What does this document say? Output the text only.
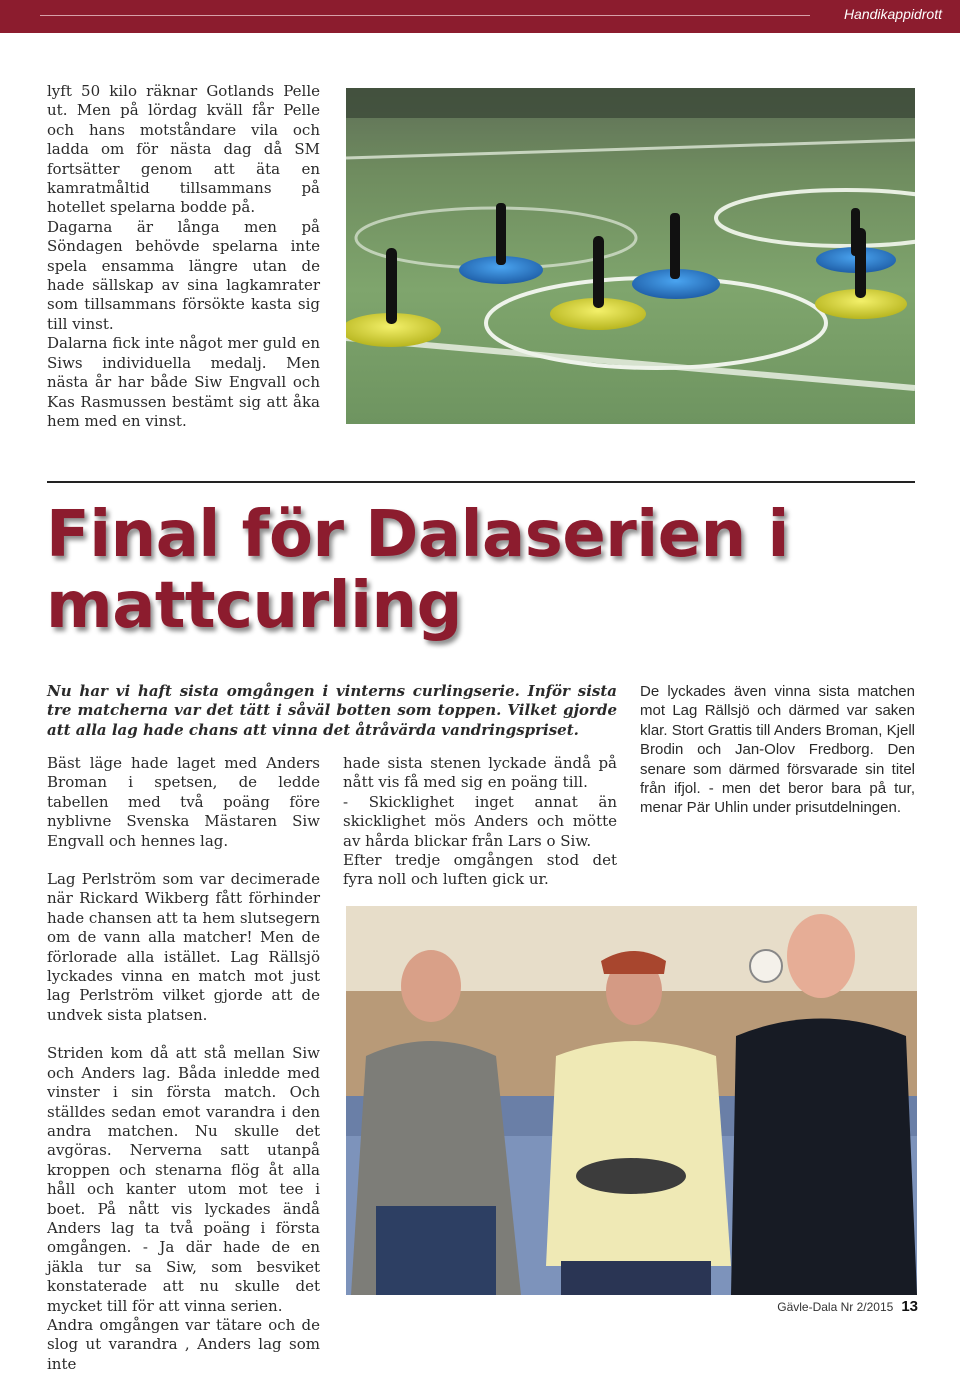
Handikappidrott

lyft 50 kilo räknar Gotlands Pelle ut. Men på lördag kväll får Pelle och hans motståndare vila och ladda om för nästa dag då SM fortsätter genom att äta en kamratmåltid tillsammans på hotellet spelarna bodde på.

Dagarna är långa men på Söndagen behövde spelarna inte spela ensamma längre utan de hade sällskap av sina lagkamrater som tillsammans försökte kasta sig till vinst.

Dalarna fick inte något mer guld en Siws individuella medalj. Men nästa år har både Siw Engvall och Kas Rasmussen bestämt sig att åka hem med en vinst.

Final för Dalaserien i mattcurling
Nu har vi haft sista omgången i vinterns curlingserie. Inför sista tre matcherna var det tätt i såväl botten som toppen. Vilket gjorde att alla lag hade chans att vinna det åtråvärda vandringspriset.

Bäst läge hade laget med Anders Broman i spetsen, de ledde tabellen med två poäng före nyblivne Svenska Mästaren Siw Engvall och hennes lag.

Lag Perlström som var decimerade när Rickard Wikberg fått förhinder hade chansen att ta hem slutsegern om de vann alla matcher! Men de förlorade alla istället. Lag Rällsjö lyckades vinna en match mot just lag Perlström vilket gjorde att de undvek sista platsen.

Striden kom då att stå mellan Siw och Anders lag. Båda inledde med vinster i sin första match. Och ställdes sedan emot varandra i den andra matchen. Nu skulle det avgöras. Nerverna satt utanpå kroppen och stenarna flög åt alla håll och kanter utom mot tee i boet. På nått vis lyckades ändå Anders lag ta två poäng i första omgången. - Ja där hade de en jäkla tur sa Siw, som besviket konstaterade att nu skulle det mycket till för att vinna serien.

Andra omgången var tätare och de slog ut varandra , Anders lag som inte

hade sista stenen lyckade ändå på nått vis få med sig en poäng till.

- Skicklighet inget annat än skicklighet mös Anders och mötte av hårda blickar från Lars o Siw.

Efter tredje omgången stod det fyra noll och luften gick ur.

De lyckades även vinna sista matchen mot Lag Rällsjö och därmed var saken klar. Stort Grattis till Anders Broman, Kjell Brodin och Jan-Olov Fredborg. Den senare som därmed försvarade sin titel från ifjol. - men det beror bara på tur, menar Pär Uhlin under prisutdelningen.

Gävle-Dala Nr 2/2015 13
